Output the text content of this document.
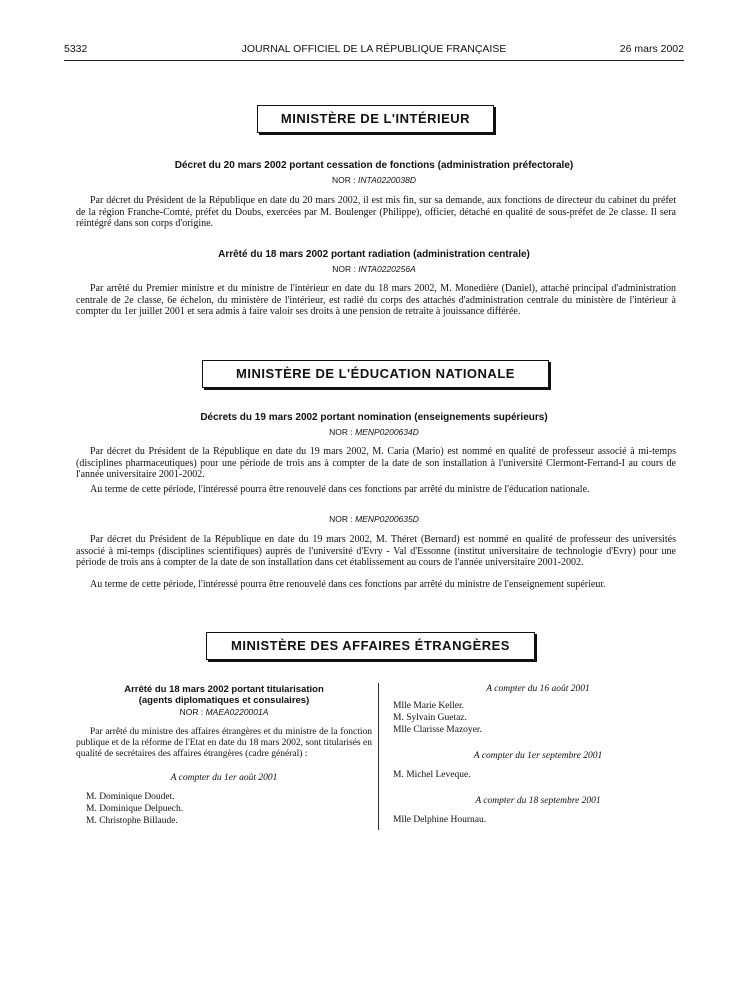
5332	JOURNAL OFFICIEL DE LA RÉPUBLIQUE FRANÇAISE	26 mars 2002
MINISTÈRE DE L'INTÉRIEUR
Décret du 20 mars 2002 portant cessation de fonctions (administration préfectorale)
NOR : INTA0220038D
Par décret du Président de la République en date du 20 mars 2002, il est mis fin, sur sa demande, aux fonctions de directeur du cabinet du préfet de la région Franche-Comté, préfet du Doubs, exercées par M. Boulenger (Philippe), officier, détaché en qualité de sous-préfet de 2e classe. Il sera réintégré dans son corps d'origine.
Arrêté du 18 mars 2002 portant radiation (administration centrale)
NOR : INTA0220256A
Par arrêté du Premier ministre et du ministre de l'intérieur en date du 18 mars 2002, M. Monedière (Daniel), attaché principal d'administration centrale de 2e classe, 6e échelon, du ministère de l'intérieur, est radié du corps des attachés d'administration centrale du ministère de l'intérieur à compter du 1er juillet 2001 et sera admis à faire valoir ses droits à une pension de retraite à jouissance différée.
MINISTÈRE DE L'ÉDUCATION NATIONALE
Décrets du 19 mars 2002 portant nomination (enseignements supérieurs)
NOR : MENP0200634D
Par décret du Président de la République en date du 19 mars 2002, M. Caria (Mario) est nommé en qualité de professeur associé à mi-temps (disciplines pharmaceutiques) pour une période de trois ans à compter de la date de son installation à l'université Clermont-Ferrand-I au cours de l'année universitaire 2001-2002.
Au terme de cette période, l'intéressé pourra être renouvelé dans ces fonctions par arrêté du ministre de l'éducation nationale.
NOR : MENP0200635D
Par décret du Président de la République en date du 19 mars 2002, M. Théret (Bernard) est nommé en qualité de professeur des universités associé à mi-temps (disciplines scientifiques) auprès de l'université d'Evry - Val d'Essonne (institut universitaire de technologie d'Evry) pour une période de trois ans à compter de la date de son installation dans cet établissement au cours de l'année universitaire 2001-2002.
Au terme de cette période, l'intéressé pourra être renouvelé dans ces fonctions par arrêté du ministre de l'enseignement supérieur.
MINISTÈRE DES AFFAIRES ÉTRANGÈRES
Arrêté du 18 mars 2002 portant titularisation
(agents diplomatiques et consulaires)
NOR : MAEA0220001A
Par arrêté du ministre des affaires étrangères et du ministre de la fonction publique et de la réforme de l'Etat en date du 18 mars 2002, sont titularisés en qualité de secrétaires des affaires étrangères (cadre général) :
A compter du 1er août 2001
M. Dominique Doudet.
M. Dominique Delpuech.
M. Christophe Billaude.
A compter du 16 août 2001
Mlle Marie Keller.
M. Sylvain Guetaz.
Mlle Clarisse Mazoyer.
A compter du 1er septembre 2001
M. Michel Leveque.
A compter du 18 septembre 2001
Mlle Delphine Hournau.
